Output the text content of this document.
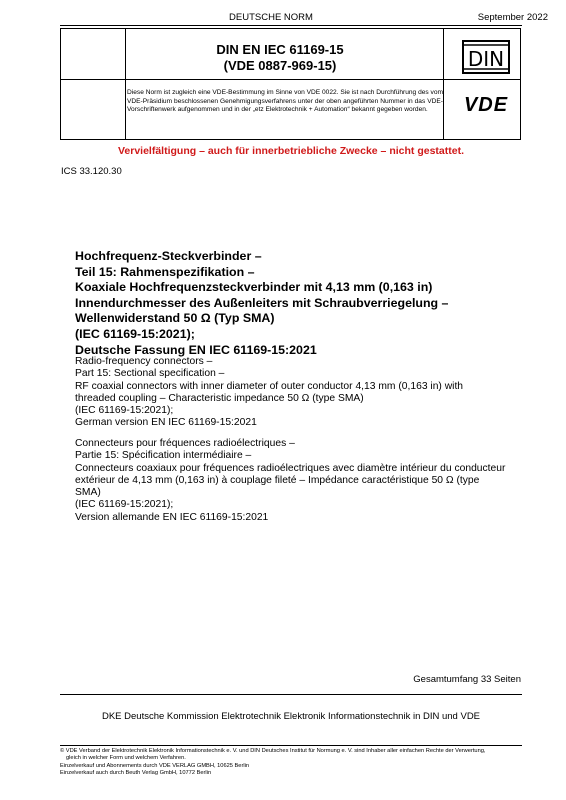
DEUTSCHE NORM	September 2022
DIN EN IEC 61169-15
(VDE 0887-969-15)
Diese Norm ist zugleich eine VDE-Bestimmung im Sinne von VDE 0022. Sie ist nach Durchführung des vom VDE-Präsidium beschlossenen Genehmigungsverfahrens unter der oben angeführten Nummer in das VDE-Vorschriftenwerk aufgenommen und in der „etz Elektrotechnik + Automation“ bekannt gegeben worden.
DIN
VDE
Vervielfältigung – auch für innerbetriebliche Zwecke – nicht gestattet.
ICS 33.120.30
Hochfrequenz-Steckverbinder –
Teil 15: Rahmenspezifikation –
Koaxiale Hochfrequenzsteckverbinder mit 4,13 mm (0,163 in)
Innendurchmesser des Außenleiters mit Schraubverriegelung –
Wellenwiderstand 50 Ω (Typ SMA)
(IEC 61169-15:2021);
Deutsche Fassung EN IEC 61169-15:2021
Radio-frequency connectors –
Part 15: Sectional specification –
RF coaxial connectors with inner diameter of outer conductor 4,13 mm (0,163 in) with
threaded coupling – Characteristic impedance 50 Ω (type SMA)
(IEC 61169-15:2021);
German version EN IEC 61169-15:2021
Connecteurs pour fréquences radioélectriques –
Partie 15: Spécification intermédiaire –
Connecteurs coaxiaux pour fréquences radioélectriques avec diamètre intérieur du conducteur
extérieur de 4,13 mm (0,163 in) à couplage fileté – Impédance caractéristique 50 Ω (type
SMA)
(IEC 61169-15:2021);
Version allemande EN IEC 61169-15:2021
Gesamtumfang 33 Seiten
DKE Deutsche Kommission Elektrotechnik Elektronik Informationstechnik in DIN und VDE
© VDE Verband der Elektrotechnik Elektronik Informationstechnik e. V. und DIN Deutsches Institut für Normung e. V. sind Inhaber aller einfachen Rechte der Verwertung,
gleich in welcher Form und welchem Verfahren.
Einzelverkauf und Abonnements durch VDE VERLAG GMBH, 10625 Berlin
Einzelverkauf auch durch Beuth Verlag GmbH, 10772 Berlin
